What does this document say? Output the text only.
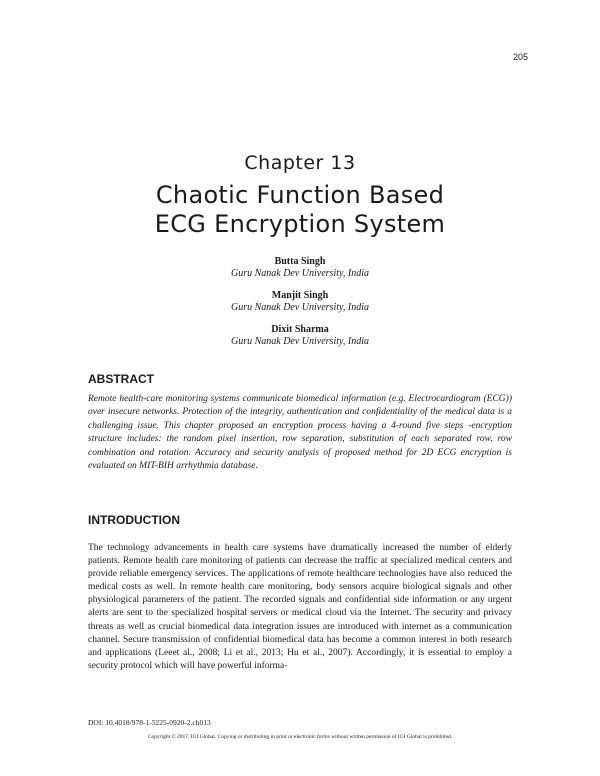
205
Chapter 13
Chaotic Function Based
ECG Encryption System
Butta Singh
Guru Nanak Dev University, India
Manjit Singh
Guru Nanak Dev University, India
Dixit Sharma
Guru Nanak Dev University, India
ABSTRACT

Remote health-care monitoring systems communicate biomedical information (e.g. Electrocardiogram (ECG)) over insecure networks. Protection of the integrity, authentication and confidentiality of the medical data is a challenging issue. This chapter proposed an encryption process having a 4-round five steps -encryption structure includes: the random pixel insertion, row separation, substitution of each separated row, row combination and rotation. Accuracy and security analysis of proposed method for 2D ECG encryption is evaluated on MIT-BIH arrhythmia database.

INTRODUCTION

The technology advancements in health care systems have dramatically increased the number of elderly patients. Remote health care monitoring of patients can decrease the traffic at specialized medical centers and provide reliable emergency services. The applications of remote healthcare technologies have also reduced the medical costs as well. In remote health care monitoring, body sensors acquire biological signals and other physiological parameters of the patient. The recorded signals and confidential side information or any urgent alerts are sent to the specialized hospital servers or medical cloud via the Internet. The security and privacy threats as well as crucial biomedical data integration issues are introduced with internet as a communication channel. Secure transmission of confidential biomedical data has become a common interest in both research and applications (Leeet al., 2008; Li et al., 2013; Hu et al., 2007). Accordingly, it is essential to employ a security protocol which will have powerful informa-

DOI: 10.4018/978-1-5225-0920-2.ch013
Copyright © 2017, IGI Global. Copying or distributing in print or electronic forms without written permission of IGI Global is prohibited.
